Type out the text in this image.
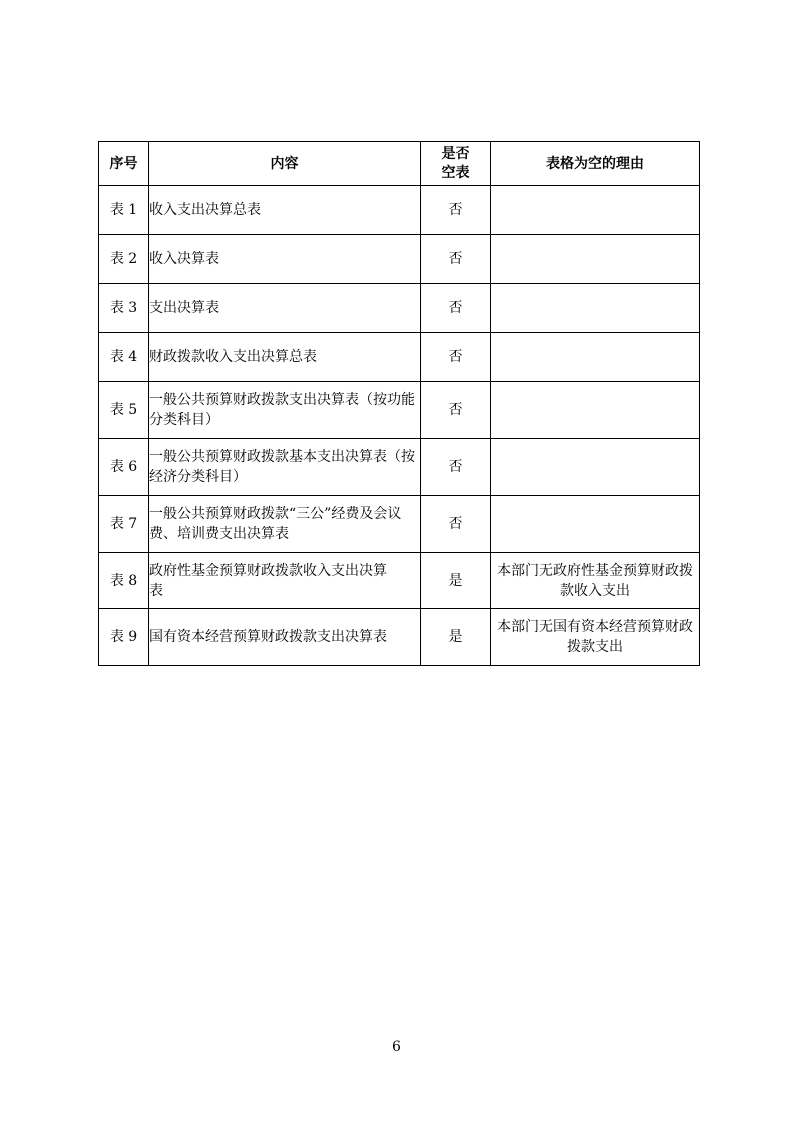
序号	内容	是否空表	表格为空的理由
表 1	收入支出决算总表	否	
表 2	收入决算表	否	
表 3	支出决算表	否	
表 4	财政拨款收入支出决算总表	否	
表 5	一般公共预算财政拨款支出决算表（按功能分类科目）	否	
表 6	一般公共预算财政拨款基本支出决算表（按经济分类科目）	否	
表 7	一般公共预算财政拨款“三公”经费及会议费、培训费支出决算表	否	
表 8	政府性基金预算财政拨款收入支出决算表	是	本部门无政府性基金预算财政拨款收入支出
表 9	国有资本经营预算财政拨款支出决算表	是	本部门无国有资本经营预算财政拨款支出
6
